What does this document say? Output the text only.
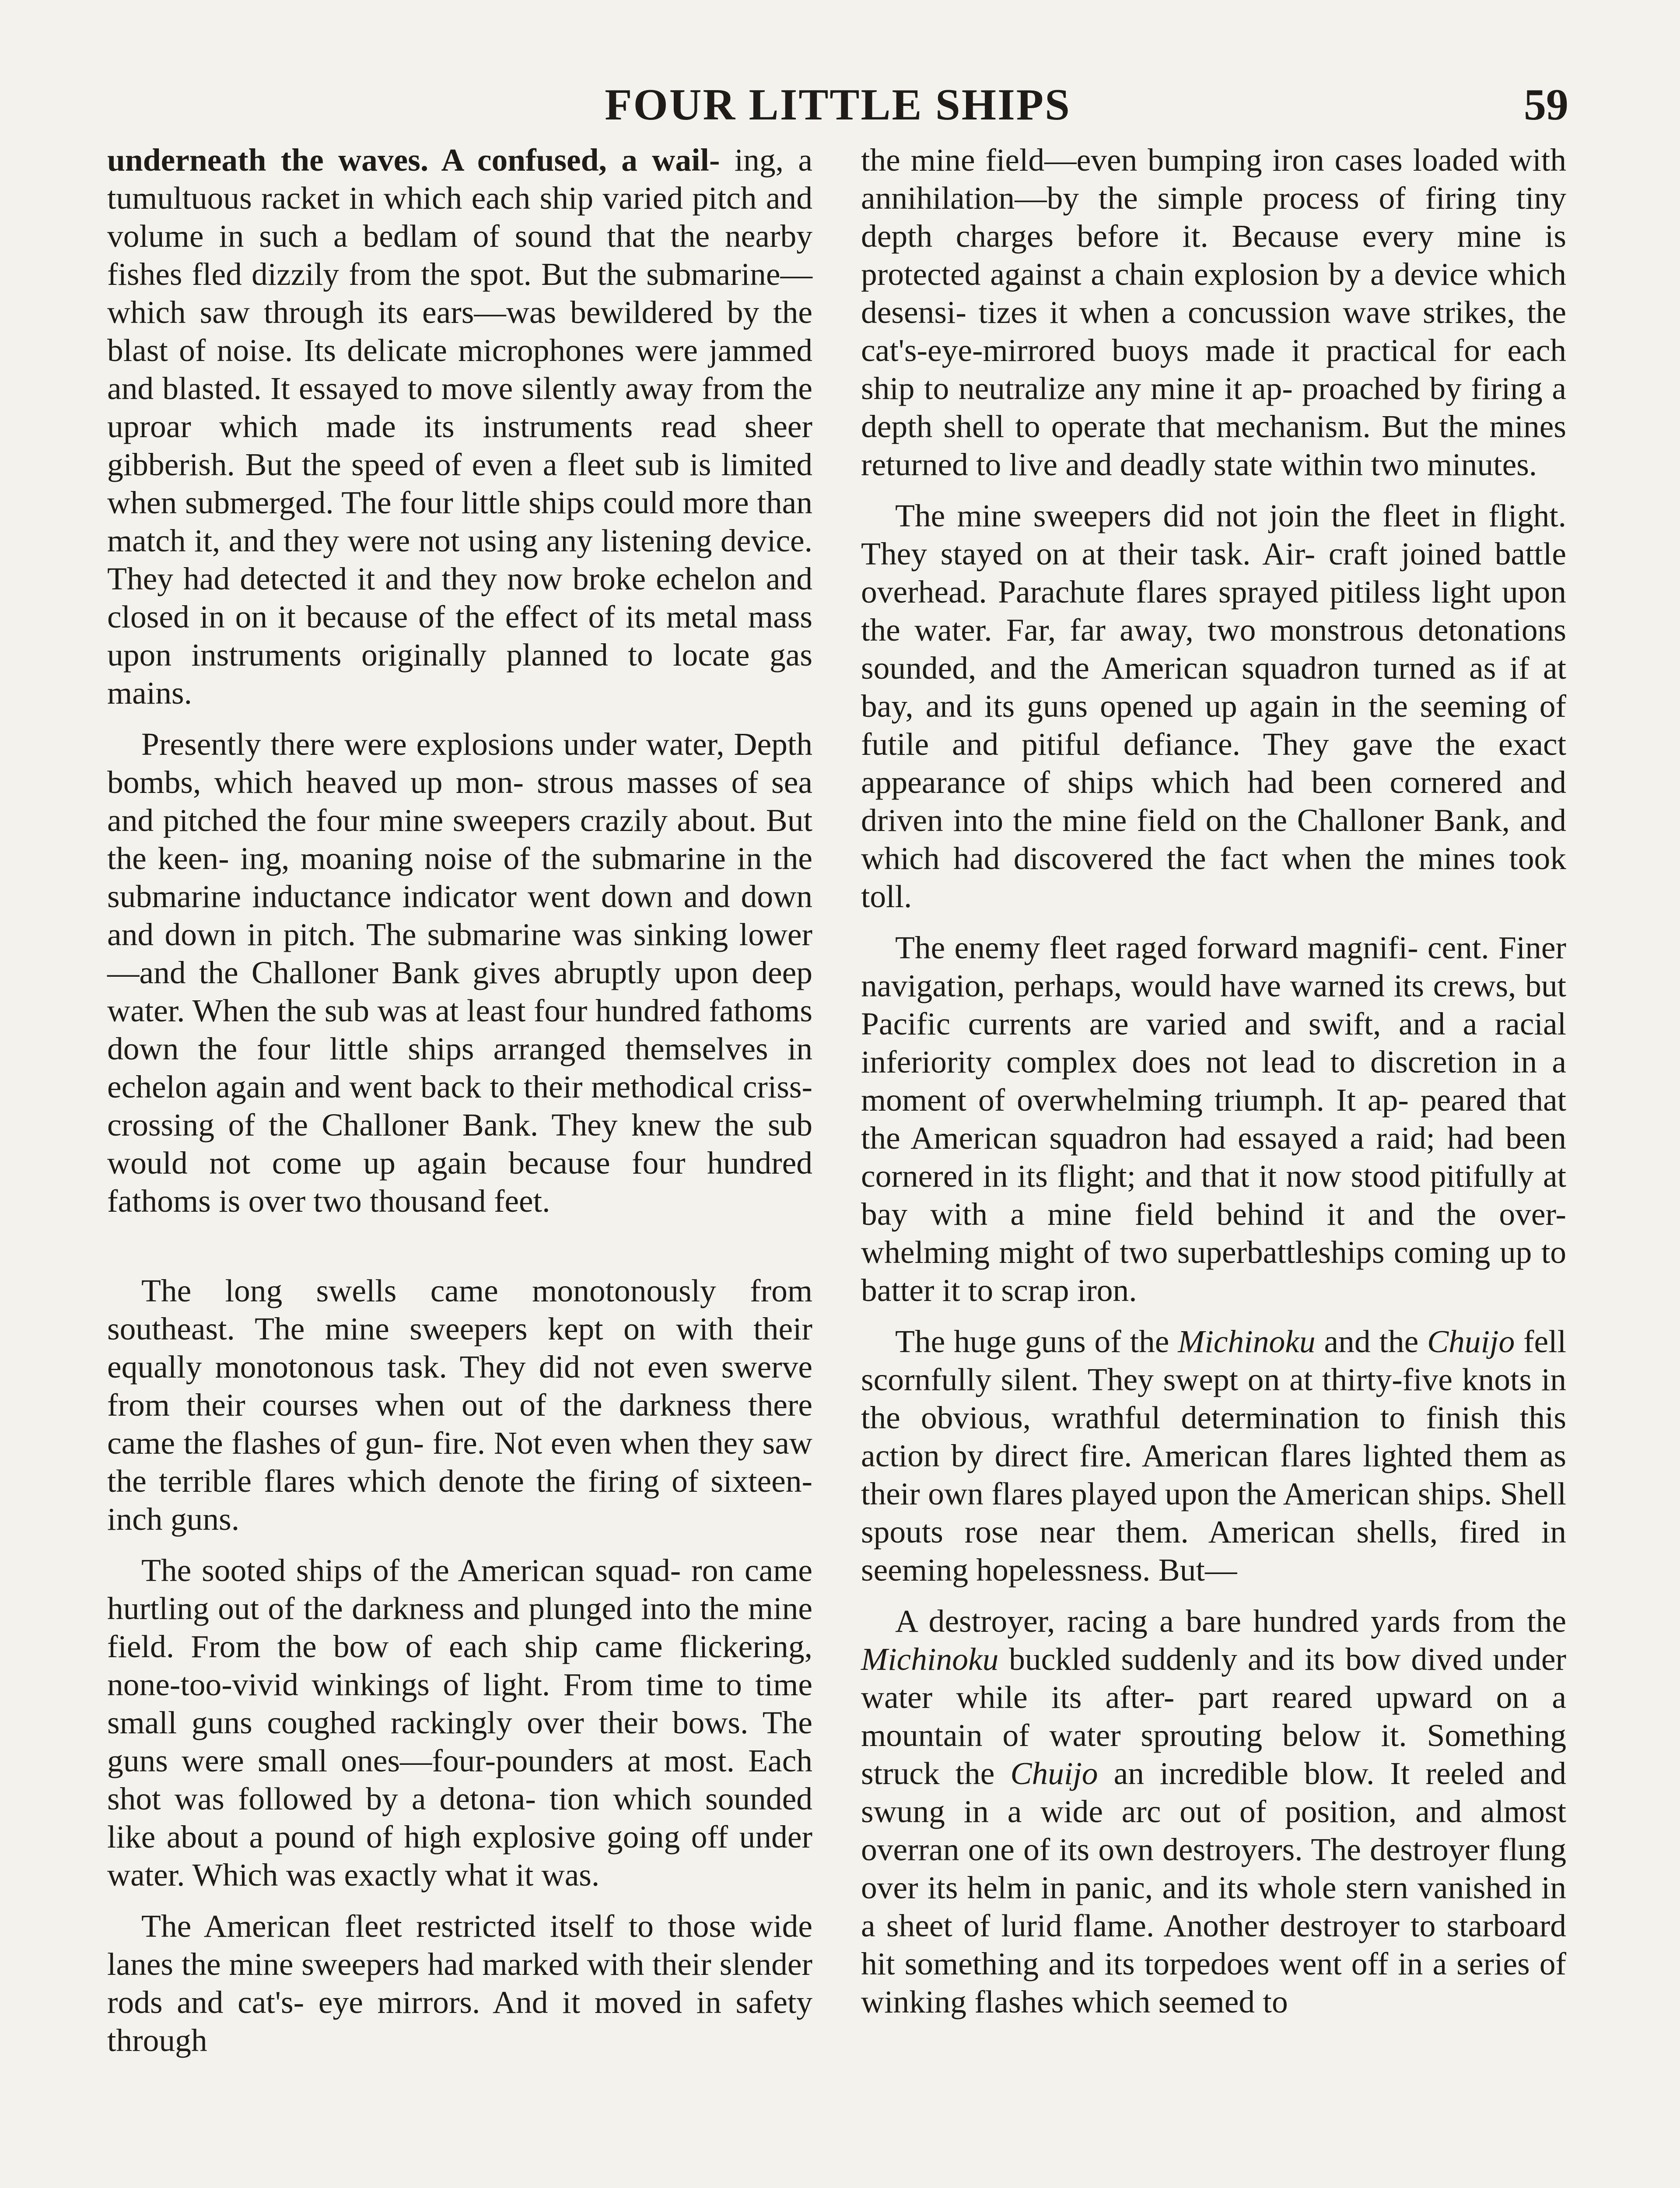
FOUR LITTLE SHIPS	59

underneath the waves. A confused, a wail- ing, a tumultuous racket in which each ship varied pitch and volume in such a bedlam of sound that the nearby fishes fled dizzily from the spot. But the submarine—which saw through its ears—was bewildered by the blast of noise. Its delicate microphones were jammed and blasted. It essayed to move silently away from the uproar which made its instruments read sheer gibberish. But the speed of even a fleet sub is limited when submerged. The four little ships could more than match it, and they were not using any listening device. They had detected it and they now broke echelon and closed in on it because of the effect of its metal mass upon instruments originally planned to locate gas mains.

Presently there were explosions under water, Depth bombs, which heaved up mon- strous masses of sea and pitched the four mine sweepers crazily about. But the keen- ing, moaning noise of the submarine in the submarine inductance indicator went down and down and down in pitch. The submarine was sinking lower—and the Challoner Bank gives abruptly upon deep water. When the sub was at least four hundred fathoms down the four little ships arranged themselves in echelon again and went back to their methodical criss-crossing of the Challoner Bank. They knew the sub would not come up again because four hundred fathoms is over two thousand feet.

The long swells came monotonously from southeast. The mine sweepers kept on with their equally monotonous task. They did not even swerve from their courses when out of the darkness there came the flashes of gun- fire. Not even when they saw the terrible flares which denote the firing of sixteen-inch guns.

The sooted ships of the American squad- ron came hurtling out of the darkness and plunged into the mine field. From the bow of each ship came flickering, none-too-vivid winkings of light. From time to time small guns coughed rackingly over their bows. The guns were small ones—four-pounders at most. Each shot was followed by a detona- tion which sounded like about a pound of high explosive going off under water. Which was exactly what it was.

The American fleet restricted itself to those wide lanes the mine sweepers had marked with their slender rods and cat's- eye mirrors. And it moved in safety through

the mine field—even bumping iron cases loaded with annihilation—by the simple process of firing tiny depth charges before it. Because every mine is protected against a chain explosion by a device which desensi- tizes it when a concussion wave strikes, the cat's-eye-mirrored buoys made it practical for each ship to neutralize any mine it ap- proached by firing a depth shell to operate that mechanism. But the mines returned to live and deadly state within two minutes.

The mine sweepers did not join the fleet in flight. They stayed on at their task. Air- craft joined battle overhead. Parachute flares sprayed pitiless light upon the water. Far, far away, two monstrous detonations sounded, and the American squadron turned as if at bay, and its guns opened up again in the seeming of futile and pitiful defiance. They gave the exact appearance of ships which had been cornered and driven into the mine field on the Challoner Bank, and which had discovered the fact when the mines took toll.

The enemy fleet raged forward magnifi- cent. Finer navigation, perhaps, would have warned its crews, but Pacific currents are varied and swift, and a racial inferiority complex does not lead to discretion in a moment of overwhelming triumph. It ap- peared that the American squadron had essayed a raid; had been cornered in its flight; and that it now stood pitifully at bay with a mine field behind it and the over- whelming might of two superbattleships coming up to batter it to scrap iron.

The huge guns of the Michinoku and the Chuijo fell scornfully silent. They swept on at thirty-five knots in the obvious, wrathful determination to finish this action by direct fire. American flares lighted them as their own flares played upon the American ships. Shell spouts rose near them. American shells, fired in seeming hopelessness. But—

A destroyer, racing a bare hundred yards from the Michinoku buckled suddenly and its bow dived under water while its after- part reared upward on a mountain of water sprouting below it. Something struck the Chuijo an incredible blow. It reeled and swung in a wide arc out of position, and almost overran one of its own destroyers. The destroyer flung over its helm in panic, and its whole stern vanished in a sheet of lurid flame. Another destroyer to starboard hit something and its torpedoes went off in a series of winking flashes which seemed to
